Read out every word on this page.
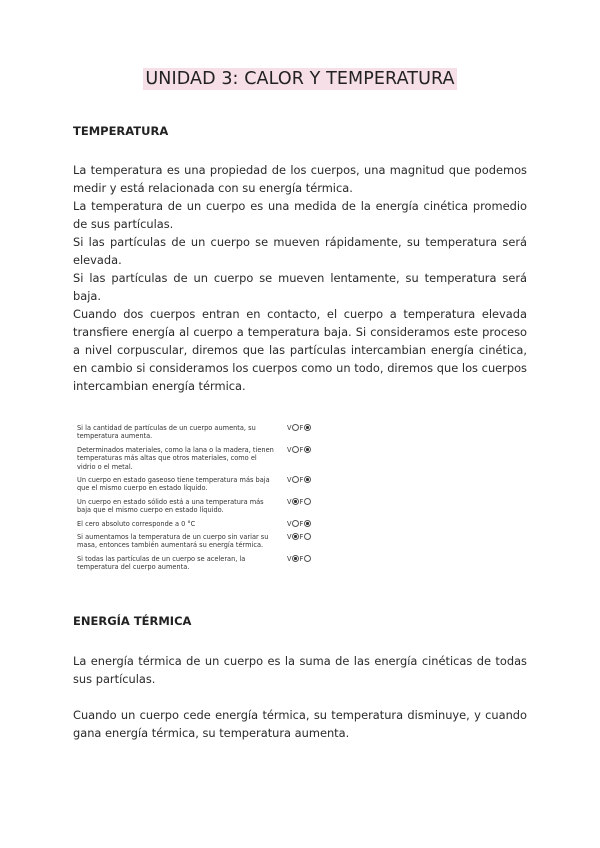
UNIDAD 3: CALOR Y TEMPERATURA
TEMPERATURA

La temperatura es una propiedad de los cuerpos, una magnitud que podemos medir y está relacionada con su energía térmica.

La temperatura de un cuerpo es una medida de la energía cinética promedio de sus partículas.

Si las partículas de un cuerpo se mueven rápidamente, su temperatura será elevada.

Si las partículas de un cuerpo se mueven lentamente, su temperatura será baja.

Cuando dos cuerpos entran en contacto, el cuerpo a temperatura elevada transfiere energía al cuerpo a temperatura baja. Si consideramos este proceso a nivel corpuscular, diremos que las partículas intercambian energía cinética, en cambio si consideramos los cuerpos como un todo, diremos que los cuerpos intercambian energía térmica.

Si la cantidad de partículas de un cuerpo aumenta, su temperatura aumenta.
V F
Determinados materiales, como la lana o la madera, tienen temperaturas más altas que otros materiales, como el vidrio o el metal.
V F
Un cuerpo en estado gaseoso tiene temperatura más baja que el mismo cuerpo en estado líquido.
V F
Un cuerpo en estado sólido está a una temperatura más baja que el mismo cuerpo en estado líquido.
V F
El cero absoluto corresponde a 0 °C	V F
Si aumentamos la temperatura de un cuerpo sin variar su masa, entonces también aumentará su energía térmica.
V F
Si todas las partículas de un cuerpo se aceleran, la temperatura del cuerpo aumenta.
V F
ENERGÍA TÉRMICA

La energía térmica de un cuerpo es la suma de las energía cinéticas de todas sus partículas.

Cuando un cuerpo cede energía térmica, su temperatura disminuye, y cuando gana energía térmica, su temperatura aumenta.
